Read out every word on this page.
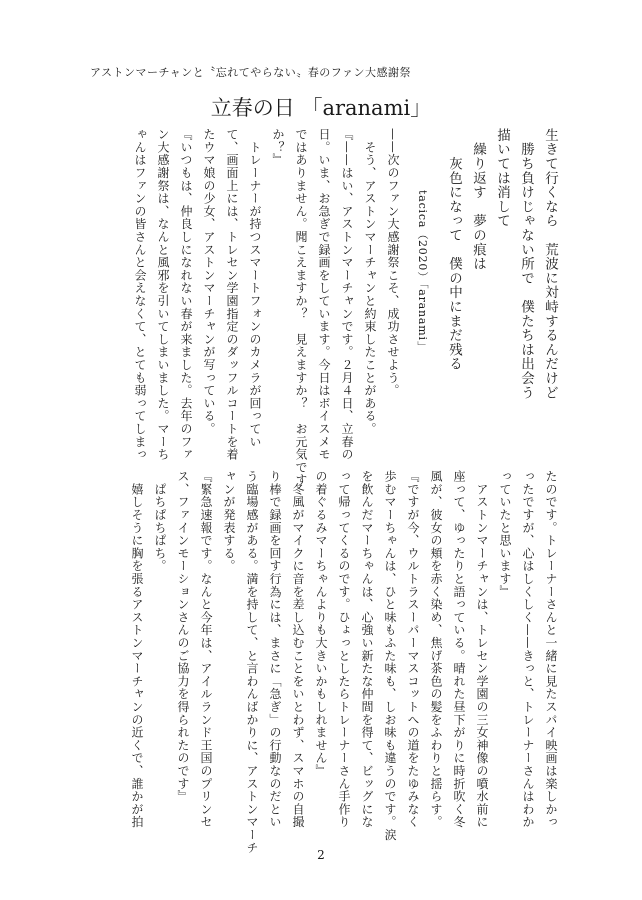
アストンマーチャンと〝忘れてやらない〟春のファン大感謝祭
立春の日 「aranami」
生きて行くなら　荒波に対峙するんだけど
　勝ち負けじゃない所で　僕たちは出会う
描いては消して
　繰り返す　夢の痕は
　　灰色になって　僕の中にまだ残る
tacica（2020）「aranami」
——次のファン大感謝祭こそ、成功させよう。
　そう、アストンマーチャンと約束したことがある。
『——はい、アストンマーチャンです。２月４日、立春の
日。いま、お急ぎで録画をしています。今日はボイスメモ
ではありません。聞こえますか？　見えますか？　お元気です
か？』
　トレーナーが持つスマートフォンのカメラが回ってい
て、画面上には、トレセン学園指定のダッフルコートを着
たウマ娘の少女、アストンマーチャンが写っている。
『いつもは、仲良しになれない春が来ました。去年のファ
ン大感謝祭は、なんと風邪を引いてしまいました。マーち
ゃんはファンの皆さんと会えなくて、とても弱ってしまっ
たのです。トレーナーさんと一緒に見たスパイ映画は楽しかっ
ったですが、心はしくしく——きっと、トレーナーさんはわか
っていたと思います』
　アストンマーチャンは、トレセン学園の三女神像の噴水前に
座って、ゆったりと語っている。晴れた昼下がりに時折吹く冬
風が、彼女の頬を赤く染め、焦げ茶色の髪をふわりと揺らす。
『ですが今、ウルトラスーパーマスコットへの道をたゆみなく
歩むマーちゃんは、ひと味もふた味も、しお味も違うのです。涙
を飲んだマーちゃんは、心強い新たな仲間を得て、ビッグにな
って帰ってくるのです。ひょっとしたらトレーナーさん手作り
の着ぐるみマーちゃんよりも大きいかもしれません』
　冬風がマイクに音を差し込むことをいとわず、スマホの自撮
り棒で録画を回す行為には、まさに「急ぎ」の行動なのだとい
う臨場感がある。満を持して、と言わんばかりに、アストンマーチ
ャンが発表する。
『緊急速報です。なんと今年は、アイルランド王国のプリンセ
ス、ファインモーションさんのご協力を得られたのです』
　ぱちぱちぱち。
　嬉しそうに胸を張るアストンマーチャンの近くで、誰かが拍
2
